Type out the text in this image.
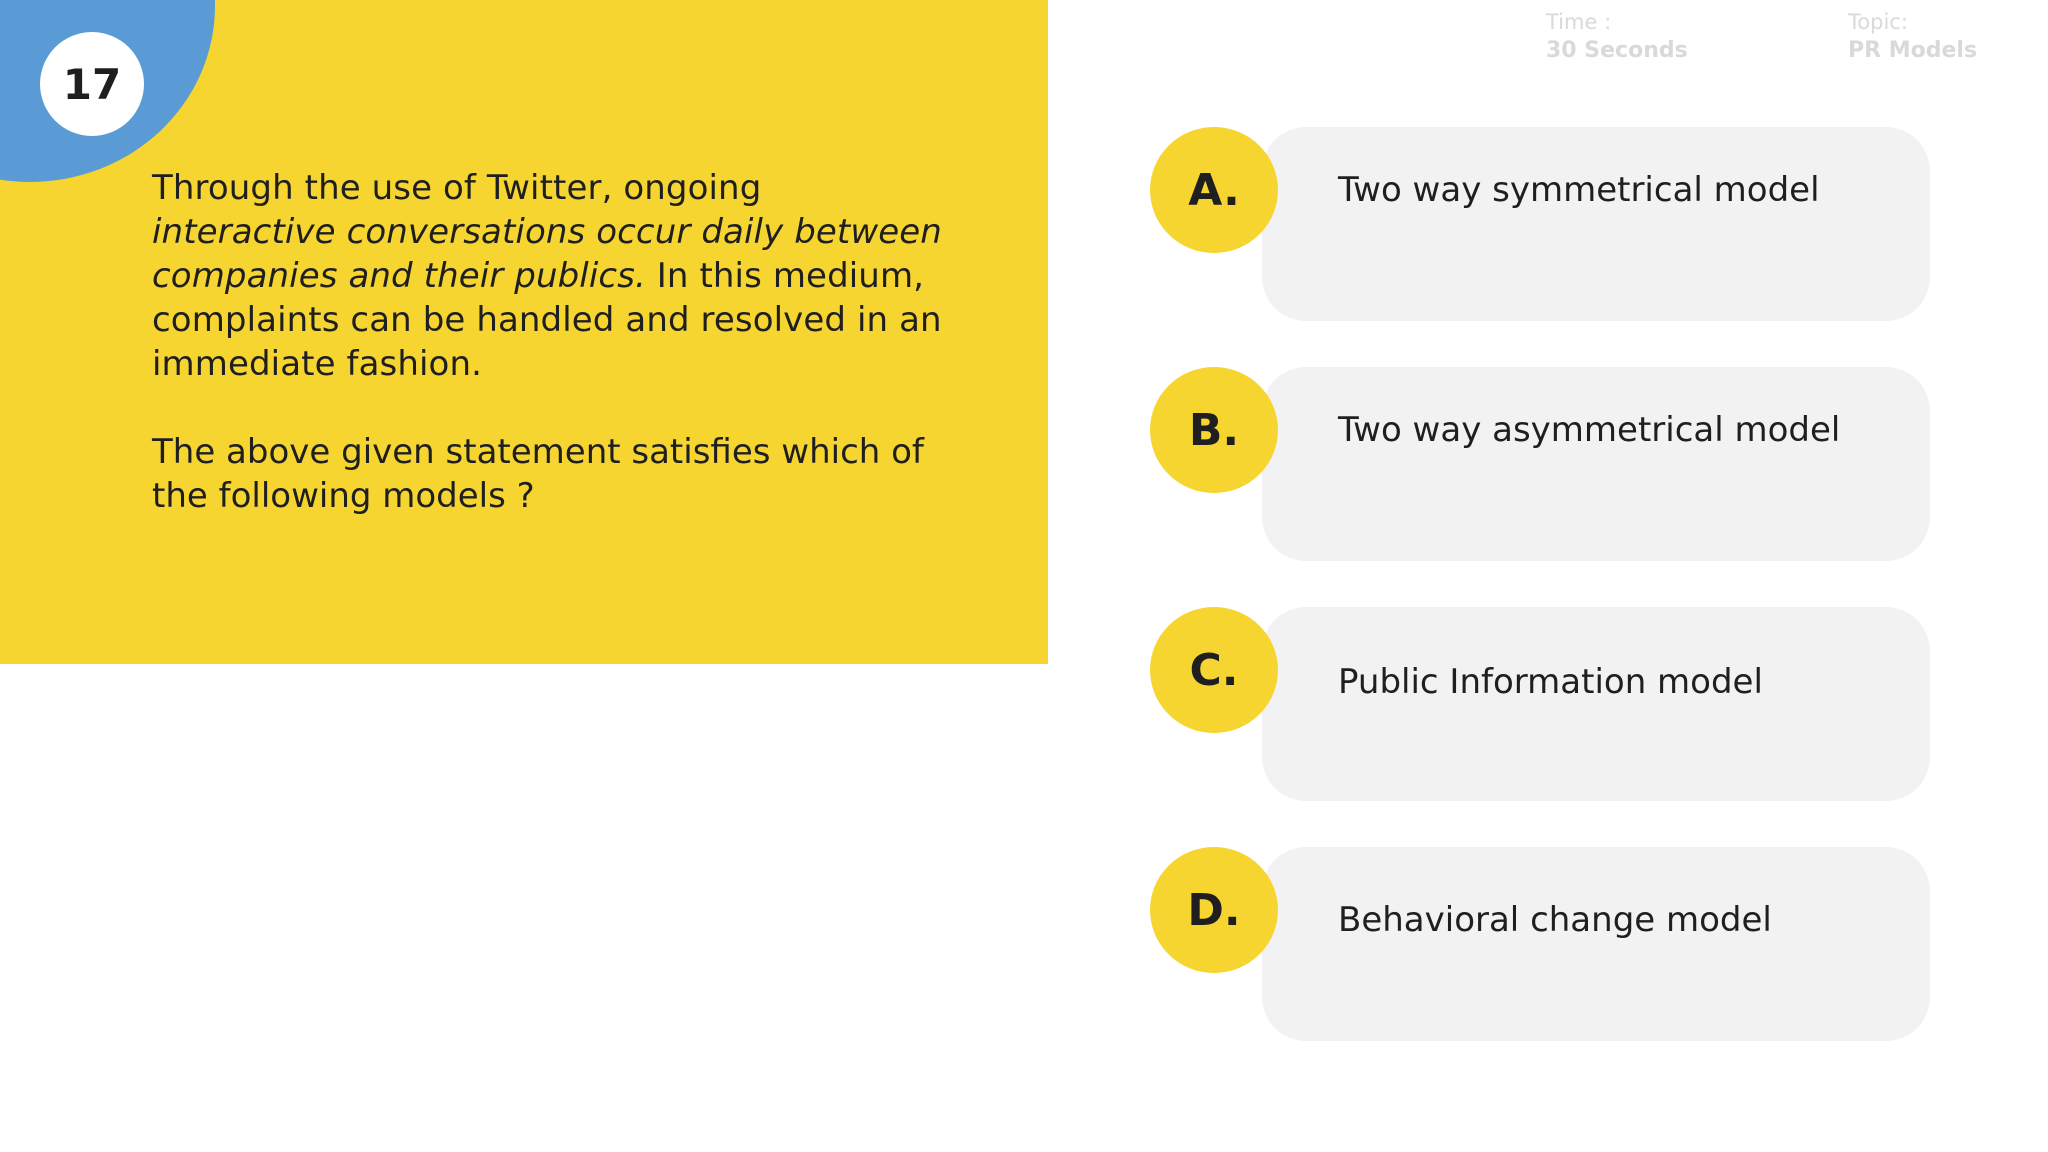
Through the use of Twitter, ongoing interactive conversations occur daily between companies and their publics. In this medium, complaints can be handled and resolved in an immediate fashion.
The above given statement satisfies which of the following models ?
17
Time :
30 Seconds
Topic:
PR Models
A.	Two way symmetrical model
B.	Two way asymmetrical model
C.	Public Information model
D.	Behavioral change model
